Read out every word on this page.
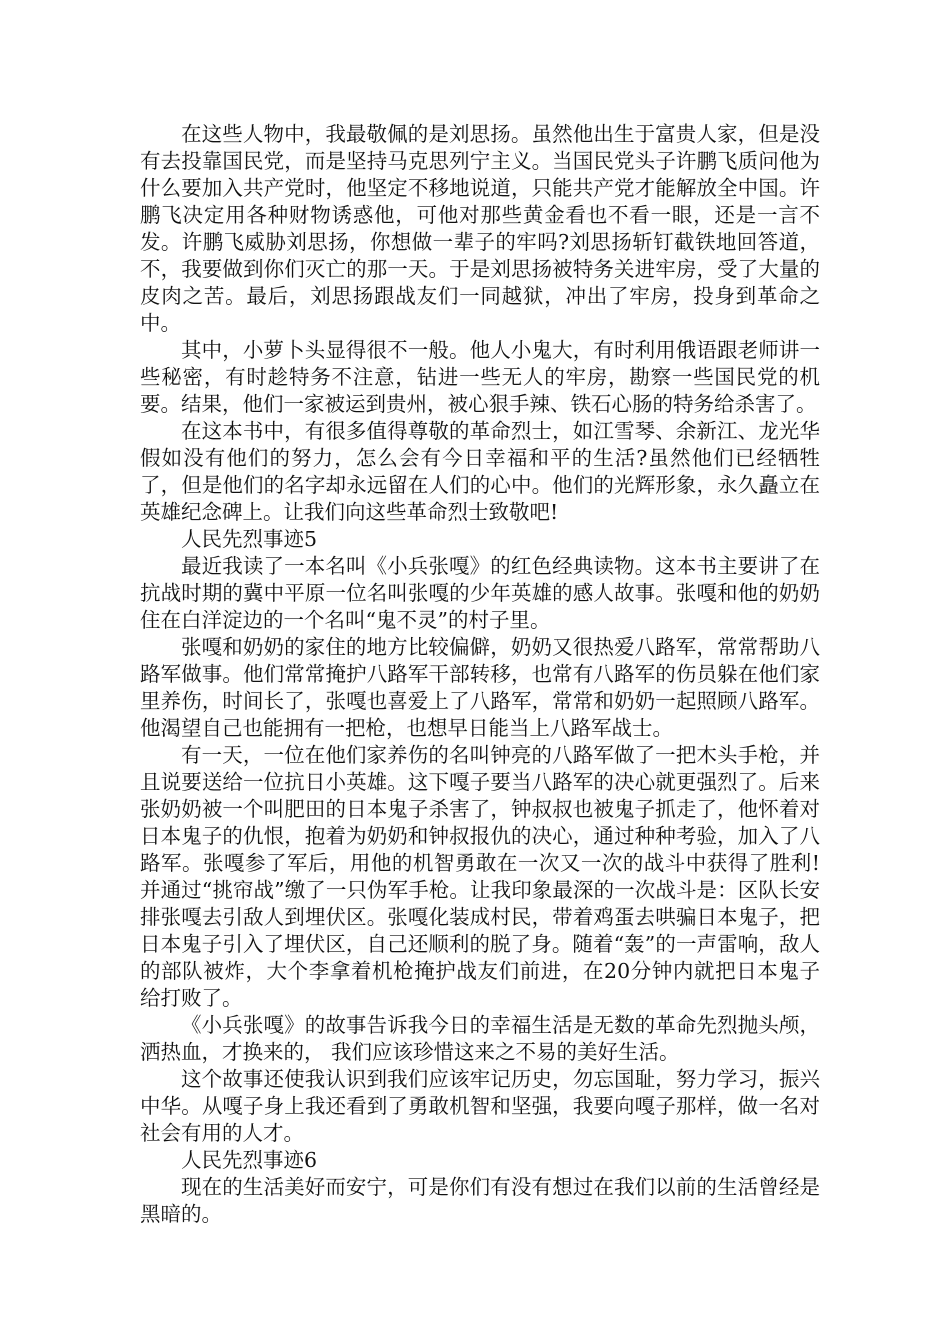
在这些人物中，我最敬佩的是刘思扬。虽然他出生于富贵人家，但是没有去投靠国民党，而是坚持马克思列宁主义。当国民党头子许鹏飞质问他为什么要加入共产党时，他坚定不移地说道，只能共产党才能解放全中国。许鹏飞决定用各种财物诱惑他，可他对那些黄金看也不看一眼，还是一言不发。许鹏飞威胁刘思扬，你想做一辈子的牢吗?刘思扬斩钉截铁地回答道，不，我要做到你们灭亡的那一天。于是刘思扬被特务关进牢房，受了大量的皮肉之苦。最后，刘思扬跟战友们一同越狱，冲出了牢房，投身到革命之中。

其中，小萝卜头显得很不一般。他人小鬼大，有时利用俄语跟老师讲一些秘密，有时趁特务不注意，钻进一些无人的牢房，勘察一些国民党的机要。结果，他们一家被运到贵州，被心狠手辣、铁石心肠的特务给杀害了。

在这本书中，有很多值得尊敬的革命烈士，如江雪琴、余新江、龙光华假如没有他们的努力，怎么会有今日幸福和平的生活?虽然他们已经牺牲了，但是他们的名字却永远留在人们的心中。他们的光辉形象，永久矗立在英雄纪念碑上。让我们向这些革命烈士致敬吧!

人民先烈事迹5

最近我读了一本名叫《小兵张嘎》的红色经典读物。这本书主要讲了在抗战时期的冀中平原一位名叫张嘎的少年英雄的感人故事。张嘎和他的奶奶住在白洋淀边的一个名叫“鬼不灵”的村子里。

张嘎和奶奶的家住的地方比较偏僻，奶奶又很热爱八路军，常常帮助八路军做事。他们常常掩护八路军干部转移，也常有八路军的伤员躲在他们家里养伤，时间长了，张嘎也喜爱上了八路军，常常和奶奶一起照顾八路军。他渴望自己也能拥有一把枪，也想早日能当上八路军战士。

有一天，一位在他们家养伤的名叫钟亮的八路军做了一把木头手枪，并且说要送给一位抗日小英雄。这下嘎子要当八路军的决心就更强烈了。后来张奶奶被一个叫肥田的日本鬼子杀害了，钟叔叔也被鬼子抓走了，他怀着对日本鬼子的仇恨，抱着为奶奶和钟叔报仇的决心，通过种种考验，加入了八路军。张嘎参了军后，用他的机智勇敢在一次又一次的战斗中获得了胜利!并通过“挑帘战”缴了一只伪军手枪。让我印象最深的一次战斗是：区队长安排张嘎去引敌人到埋伏区。张嘎化装成村民，带着鸡蛋去哄骗日本鬼子，把日本鬼子引入了埋伏区，自己还顺利的脱了身。随着“轰”的一声雷响，敌人的部队被炸，大个李拿着机枪掩护战友们前进，在20分钟内就把日本鬼子给打败了。

《小兵张嘎》的故事告诉我今日的幸福生活是无数的革命先烈抛头颅，洒热血，才换来的， 我们应该珍惜这来之不易的美好生活。

这个故事还使我认识到我们应该牢记历史，勿忘国耻，努力学习，振兴中华。从嘎子身上我还看到了勇敢机智和坚强，我要向嘎子那样，做一名对社会有用的人才。

人民先烈事迹6

现在的生活美好而安宁，可是你们有没有想过在我们以前的生活曾经是黑暗的。
